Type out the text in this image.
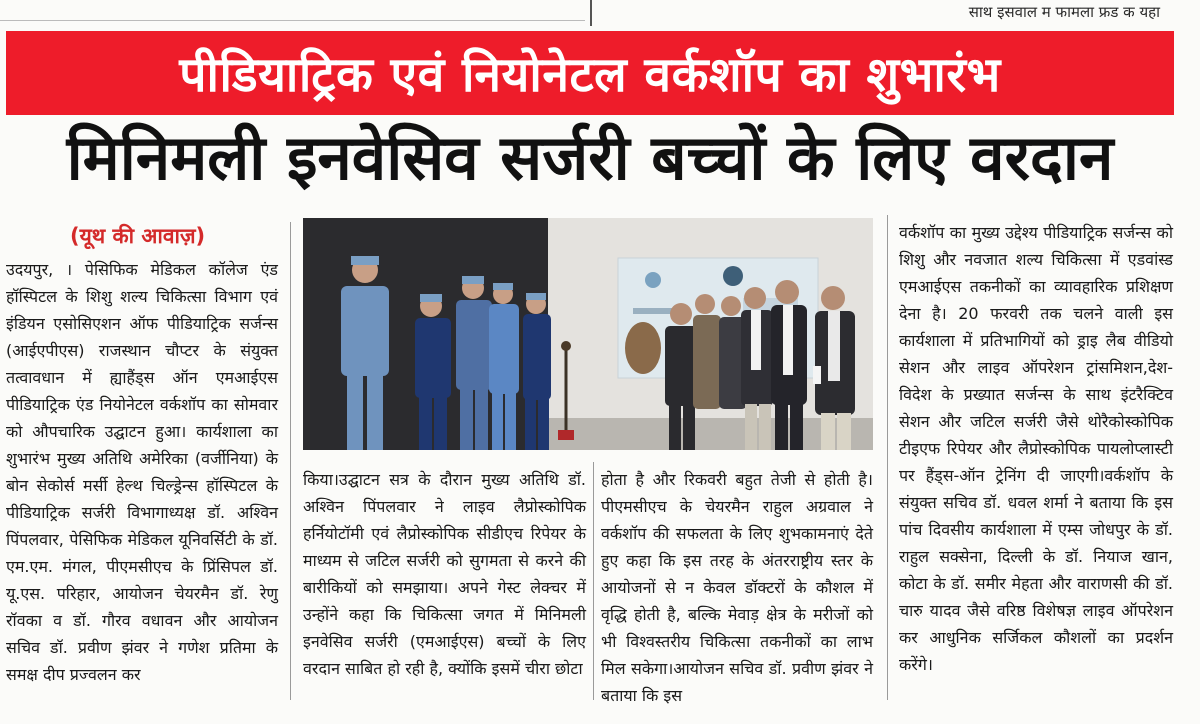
साथ इसवाल म फामला फ्रड क यहा
पीडियाट्रिक एवं नियोनेटल वर्कशॉप का शुभारंभ
मिनिमली इनवेसिव सर्जरी बच्चों के लिए वरदान
(यूथ की आवाज़)
उदयपुर, । पेसिफिक मेडिकल कॉलेज एंड हॉस्पिटल के शिशु शल्य चिकित्सा विभाग एवं इंडियन एसोसिएशन ऑफ पीडियाट्रिक सर्जन्स (आईएपीएस) राजस्थान चौप्टर के संयुक्त तत्वावधान में ह्याहैंड्स ऑन एमआईएस पीडियाट्रिक एंड नियोनेटल वर्कशॉप का सोमवार को औपचारिक उद्घाटन हुआ। कार्यशाला का शुभारंभ मुख्य अतिथि अमेरिका (वर्जीनिया) के बोन सेकोर्स मर्सी हेल्थ चिल्ड्रेन्स हॉस्पिटल के पीडियाट्रिक सर्जरी विभागाध्यक्ष डॉ. अश्विन पिंपलवार, पेसिफिक मेडिकल यूनिवर्सिटी के डॉ. एम.एम. मंगल, पीएमसीएच के प्रिंसिपल डॉ. यू.एस. परिहार, आयोजन चेयरमैन डॉ. रेणु रॉवका व डॉ. गौरव वधावन और आयोजन सचिव डॉ. प्रवीण झंवर ने गणेश प्रतिमा के समक्ष दीप प्रज्वलन कर
किया।उद्घाटन सत्र के दौरान मुख्य अतिथि डॉ. अश्विन पिंपलवार ने लाइव लैप्रोस्कोपिक हर्नियोटॉमी एवं लैप्रोस्कोपिक सीडीएच रिपेयर के माध्यम से जटिल सर्जरी को सुगमता से करने की बारीकियों को समझाया। अपने गेस्ट लेक्चर में उन्होंने कहा कि चिकित्सा जगत में मिनिमली इनवेसिव सर्जरी (एमआईएस) बच्चों के लिए वरदान साबित हो रही है, क्योंकि इसमें चीरा छोटा
होता है और रिकवरी बहुत तेजी से होती है।पीएमसीएच के चेयरमैन राहुल अग्रवाल ने वर्कशॉप की सफलता के लिए शुभकामनाएं देते हुए कहा कि इस तरह के अंतरराष्ट्रीय स्तर के आयोजनों से न केवल डॉक्टरों के कौशल में वृद्धि होती है, बल्कि मेवाड़ क्षेत्र के मरीजों को भी विश्वस्तरीय चिकित्सा तकनीकों का लाभ मिल सकेगा।आयोजन सचिव डॉ. प्रवीण झंवर ने बताया कि इस
वर्कशॉप का मुख्य उद्देश्य पीडियाट्रिक सर्जन्स को शिशु और नवजात शल्य चिकित्सा में एडवांस्ड एमआईएस तकनीकों का व्यावहारिक प्रशिक्षण देना है। 20 फरवरी तक चलने वाली इस कार्यशाला में प्रतिभागियों को ड्राइ लैब वीडियो सेशन और लाइव ऑपरेशन ट्रांसमिशन,देश-विदेश के प्रख्यात सर्जन्स के साथ इंटरैक्टिव सेशन और जटिल सर्जरी जैसे थोरैकोस्कोपिक टीइएफ रिपेयर और लैप्रोस्कोपिक पायलोप्लास्टी पर हैंड्स-ऑन ट्रेनिंग दी जाएगी।वर्कशॉप के संयुक्त सचिव डॉ. धवल शर्मा ने बताया कि इस पांच दिवसीय कार्यशाला में एम्स जोधपुर के डॉ. राहुल सक्सेना, दिल्ली के डॉ. नियाज खान, कोटा के डॉ. समीर मेहता और वाराणसी की डॉ. चारु यादव जैसे वरिष्ठ विशेषज्ञ लाइव ऑपरेशन कर आधुनिक सर्जिकल कौशलों का प्रदर्शन करेंगे।
